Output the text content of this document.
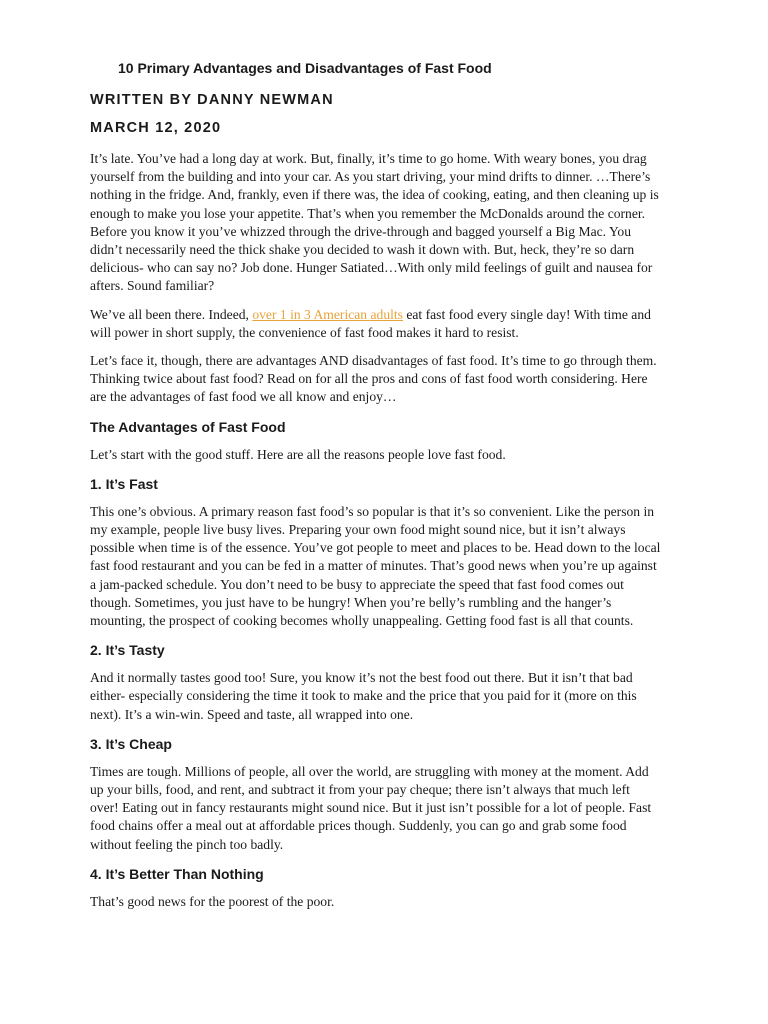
10 Primary Advantages and Disadvantages of Fast Food
WRITTEN BY DANNY NEWMAN
MARCH 12, 2020

It’s late. You’ve had a long day at work. But, finally, it’s time to go home. With weary bones, you drag yourself from the building and into your car. As you start driving, your mind drifts to dinner. …There’s nothing in the fridge. And, frankly, even if there was, the idea of cooking, eating, and then cleaning up is enough to make you lose your appetite. That’s when you remember the McDonalds around the corner. Before you know it you’ve whizzed through the drive-through and bagged yourself a Big Mac. You didn’t necessarily need the thick shake you decided to wash it down with. But, heck, they’re so darn delicious- who can say no? Job done. Hunger Satiated…With only mild feelings of guilt and nausea for afters. Sound familiar?

We’ve all been there. Indeed, over 1 in 3 American adults eat fast food every single day! With time and will power in short supply, the convenience of fast food makes it hard to resist.

Let’s face it, though, there are advantages AND disadvantages of fast food. It’s time to go through them. Thinking twice about fast food? Read on for all the pros and cons of fast food worth considering. Here are the advantages of fast food we all know and enjoy…

The Advantages of Fast Food

Let’s start with the good stuff. Here are all the reasons people love fast food.

1. It’s Fast

This one’s obvious. A primary reason fast food’s so popular is that it’s so convenient. Like the person in my example, people live busy lives. Preparing your own food might sound nice, but it isn’t always possible when time is of the essence. You’ve got people to meet and places to be. Head down to the local fast food restaurant and you can be fed in a matter of minutes. That’s good news when you’re up against a jam-packed schedule. You don’t need to be busy to appreciate the speed that fast food comes out though. Sometimes, you just have to be hungry! When you’re belly’s rumbling and the hanger’s mounting, the prospect of cooking becomes wholly unappealing. Getting food fast is all that counts.

2. It’s Tasty

And it normally tastes good too! Sure, you know it’s not the best food out there. But it isn’t that bad either- especially considering the time it took to make and the price that you paid for it (more on this next). It’s a win-win. Speed and taste, all wrapped into one.

3. It’s Cheap

Times are tough. Millions of people, all over the world, are struggling with money at the moment. Add up your bills, food, and rent, and subtract it from your pay cheque; there isn’t always that much left over! Eating out in fancy restaurants might sound nice. But it just isn’t possible for a lot of people. Fast food chains offer a meal out at affordable prices though. Suddenly, you can go and grab some food without feeling the pinch too badly.

4. It’s Better Than Nothing

That’s good news for the poorest of the poor.
